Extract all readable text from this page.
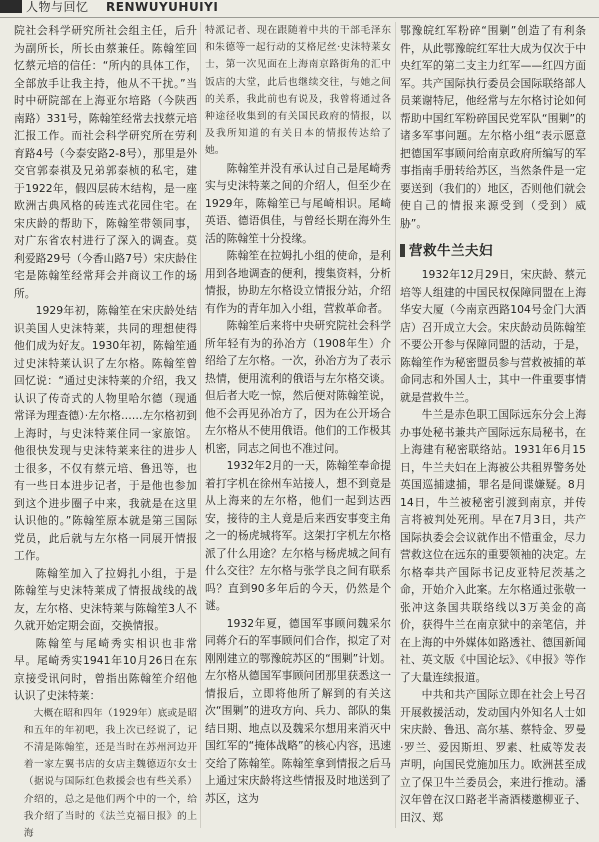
人物与回忆 RENWUYUHUIYI

院社会科学研究所社会组主任，后升为副所长，所长由蔡兼任。陈翰笙回忆蔡元培的信任：“所内的具体工作，全部放手让我主持，他从不干扰。”当时中研院部在上海亚尔培路（今陕西南路）331号，陈翰笙经常去找蔡元培汇报工作。而社会科学研究所在劳利育路4号（今泰安路2-8号），那里是外交官郭泰祺及兄弟郭泰桢的私宅，建于1922年，假四层砖木结构，是一座欧洲古典风格的砖连式花园住宅。在宋庆龄的帮助下，陈翰笙带领同事，对广东省农村进行了深入的调查。莫利爱路29号（今香山路7号）宋庆龄住宅是陈翰笙经常拜会并商议工作的场所。

1929年初，陈翰笙在宋庆龄处结识美国人史沫特莱，共同的理想使得他们成为好友。1930年初，陈翰笙通过史沫特莱认识了左尔格。陈翰笙曾回忆说：“通过史沫特莱的介绍，我又认识了传奇式的人物里哈尔德（现通常译为理查德）·左尔格……左尔格初到上海时，与史沫特莱住同一家旅馆。他很快发现与史沫特莱来往的进步人士很多，不仅有蔡元培、鲁迅等，也有一些日本进步记者，于是他也参加到这个进步圈子中来，我就是在这里认识他的。”陈翰笙原本就是第三国际党员，此后就与左尔格一同展开情报工作。

陈翰笙加入了拉姆扎小组，于是陈翰笙与史沫特莱成了情报战线的战友，左尔格、史沫特莱与陈翰笙3人不久就开始定期会面，交换情报。

陈翰笙与尾崎秀实相识也非常早。尾崎秀实1941年10月26日在东京接受讯问时，曾指出陈翰笙介绍他认识了史沫特莱：

大概在昭和四年（1929年）底或是昭和五年的年初吧，我上次已经说了，记不清是陈翰笙，还是当时在苏州河边开着一家左翼书店的女店主魏德迈尔女士（据说与国际红色救援会也有些关系）介绍的，总之是他们两个中的一个，给我介绍了当时的《法兰克福日报》的上海

特派记者、现在跟随着中共的干部毛泽东和朱德等一起行动的艾格尼丝·史沫特莱女士，第一次见面在上海南京路街角的汇中饭店的大堂，此后也继续交往，与她之间的关系，我此前也有说及，我曾将通过各种途径收集到的有关国民政府的情报，以及我所知道的有关日本的情报传达给了她。

陈翰笙并没有承认过自己是尾崎秀实与史沫特莱之间的介绍人，但至少在1929年，陈翰笙已与尾崎相识。尾崎英语、德语俱佳，与曾经长期在海外生活的陈翰笙十分投缘。

陈翰笙在拉姆扎小组的使命，是利用到各地调查的便利，搜集资料，分析情报，协助左尔格设立情报分站，介绍有作为的青年加入小组，营救革命者。

陈翰笙后来将中央研究院社会科学所年轻有为的孙冶方（1908年生）介绍给了左尔格。一次，孙冶方为了表示热情，便用流利的俄语与左尔格交谈。但后者大吃一惊，然后便对陈翰笙说，他不会再见孙冶方了，因为在公开场合左尔格从不使用俄语。他们的工作极其机密，同志之间也不准过问。

1932年2月的一天，陈翰笙奉命提着打字机在徐州车站接人，想不到竟是从上海来的左尔格，他们一起到达西安，接待的主人竟是后来西安事变主角之一的杨虎城将军。这架打字机左尔格派了什么用途？左尔格与杨虎城之间有什么交往？左尔格与张学良之间有联系吗？直到90多年后的今天，仍然是个谜。

1932年夏，德国军事顾问魏采尔同蒋介石的军事顾问们合作，拟定了对刚刚建立的鄂豫皖苏区的“围剿”计划。左尔格从德国军事顾问团那里获悉这一情报后，立即将他所了解到的有关这次“围剿”的进攻方向、兵力、部队的集结日期、地点以及魏采尔想用来消灭中国红军的“掩体战略”的核心内容，迅速交给了陈翰笙。陈翰笙拿到情报之后马上通过宋庆龄将这些情报及时地送到了苏区，这为

鄂豫皖红军粉碎“围剿”创造了有利条件，从此鄂豫皖红军壮大成为仅次于中央红军的第二支主力红军——红四方面军。共产国际执行委员会国际联络部人员莱谢特尼，他经常与左尔格讨论如何帮助中国红军粉碎国民党军队“围剿”的诸多军事问题。左尔格小组“表示愿意把德国军事顾问给南京政府所编写的军事指南手册转给苏区，当然条件是一定要送到（我们的）地区，否则他们就会使自己的情报来源受到（受到）威胁”。

营救牛兰夫妇

1932年12月29日，宋庆龄、蔡元培等人组建的中国民权保障同盟在上海华安大厦（今南京西路104号金门大酒店）召开成立大会。宋庆龄动员陈翰笙不要公开参与保障同盟的活动，于是，陈翰笙作为秘密盟员参与营救被捕的革命同志和外国人士，其中一件重要事情就是营救牛兰。

牛兰是赤色职工国际远东分会上海办事处秘书兼共产国际远东局秘书，在上海建有秘密联络站。1931年6月15日，牛兰夫妇在上海被公共租界警务处英国巡捕逮捕，罪名是间谍嫌疑。8月14日，牛兰被秘密引渡到南京，并传言将被判处死刑。早在7月3日，共产国际执委会会议就作出不惜重金，尽力营救这位在远东的重要领袖的决定。左尔格奉共产国际书记皮亚特尼茨基之命，开始介入此案。左尔格通过张敬一张冲这条国共联络线以3万美金的高价，获得牛兰在南京狱中的亲笔信，并在上海的中外媒体如路透社、德国新闻社、英文版《中国论坛》、《申报》等作了大量连续报道。

中共和共产国际立即在社会上号召开展救援活动，发动国内外知名人士如宋庆龄、鲁迅、高尔基、蔡特金、罗曼·罗兰、爱因斯坦、罗素、杜威等发表声明，向国民党施加压力。欧洲甚至成立了保卫牛兰委员会，来进行推动。潘汉年曾在汉口路老半斋酒楼邀柳亚子、田汉、郑
